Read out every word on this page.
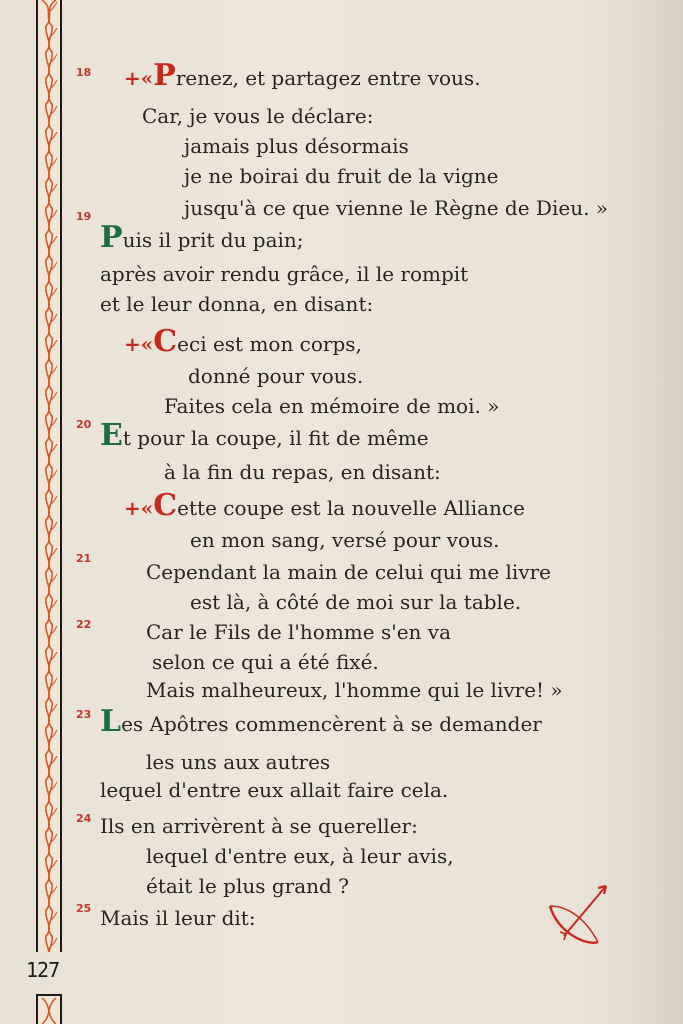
127
18
19
20
21
22
23
24
25
+«Prenez, et partagez entre vous.
Car, je vous le déclare:
jamais plus désormais
je ne boirai du fruit de la vigne
jusqu'à ce que vienne le Règne de Dieu. »
Puis il prit du pain;
après avoir rendu grâce, il le rompit
et le leur donna, en disant:
+«Ceci est mon corps,
donné pour vous.
Faites cela en mémoire de moi. »
Et pour la coupe, il fit de même
à la fin du repas, en disant:
+«Cette coupe est la nouvelle Alliance
en mon sang, versé pour vous.
Cependant la main de celui qui me livre
est là, à côté de moi sur la table.
Car le Fils de l'homme s'en va
selon ce qui a été fixé.
Mais malheureux, l'homme qui le livre! »
Les Apôtres commencèrent à se demander
les uns aux autres
lequel d'entre eux allait faire cela.
Ils en arrivèrent à se quereller:
lequel d'entre eux, à leur avis,
était le plus grand ?
Mais il leur dit:
